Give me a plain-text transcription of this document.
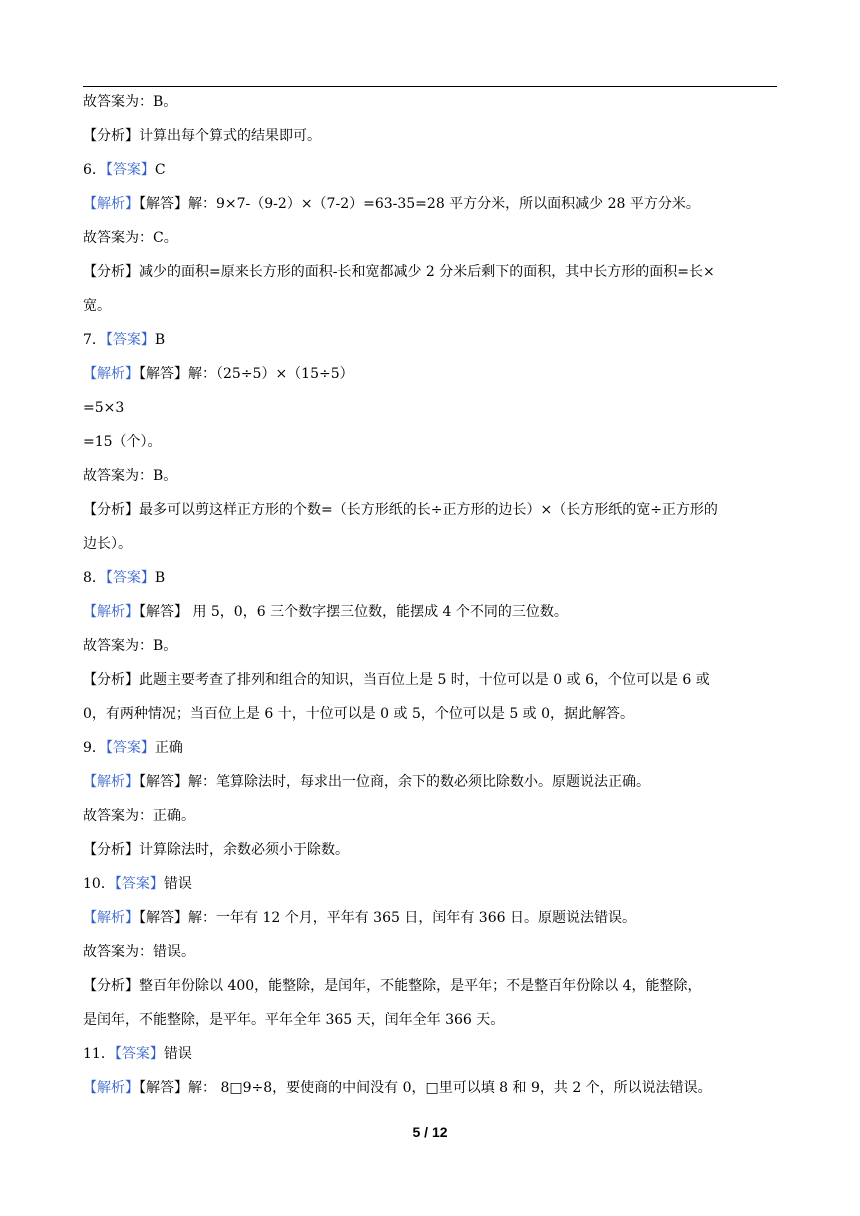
故答案为：B。
【分析】计算出每个算式的结果即可。
6．【答案】C
【解析】【解答】解：9×7-（9-2）×（7-2）=63-35=28 平方分米，所以面积减少 28 平方分米。
故答案为：C。
【分析】减少的面积=原来长方形的面积-长和宽都减少 2 分米后剩下的面积，其中长方形的面积=长×
宽。
7．【答案】B
【解析】【解答】解：（25÷5）×（15÷5）
=5×3
=15（个）。
故答案为：B。
【分析】最多可以剪这样正方形的个数=（长方形纸的长÷正方形的边长）×（长方形纸的宽÷正方形的
边长）。
8．【答案】B
【解析】【解答】 用 5，0，6 三个数字摆三位数，能摆成 4 个不同的三位数。
故答案为：B。
【分析】此题主要考查了排列和组合的知识，当百位上是 5 时，十位可以是 0 或 6，个位可以是 6 或
0，有两种情况；当百位上是 6 十，十位可以是 0 或 5，个位可以是 5 或 0，据此解答。
9．【答案】正确
【解析】【解答】解：笔算除法时，每求出一位商，余下的数必须比除数小。原题说法正确。
故答案为：正确。
【分析】计算除法时，余数必须小于除数。
10．【答案】错误
【解析】【解答】解：一年有 12 个月，平年有 365 日，闰年有 366 日。原题说法错误。
故答案为：错误。
【分析】整百年份除以 400，能整除，是闰年，不能整除，是平年；不是整百年份除以 4，能整除，
是闰年，不能整除，是平年。平年全年 365 天，闰年全年 366 天。
11．【答案】错误
【解析】【解答】解： 8□9÷8，要使商的中间没有 0，□里可以填 8 和 9，共 2 个，所以说法错误。
5 / 12
